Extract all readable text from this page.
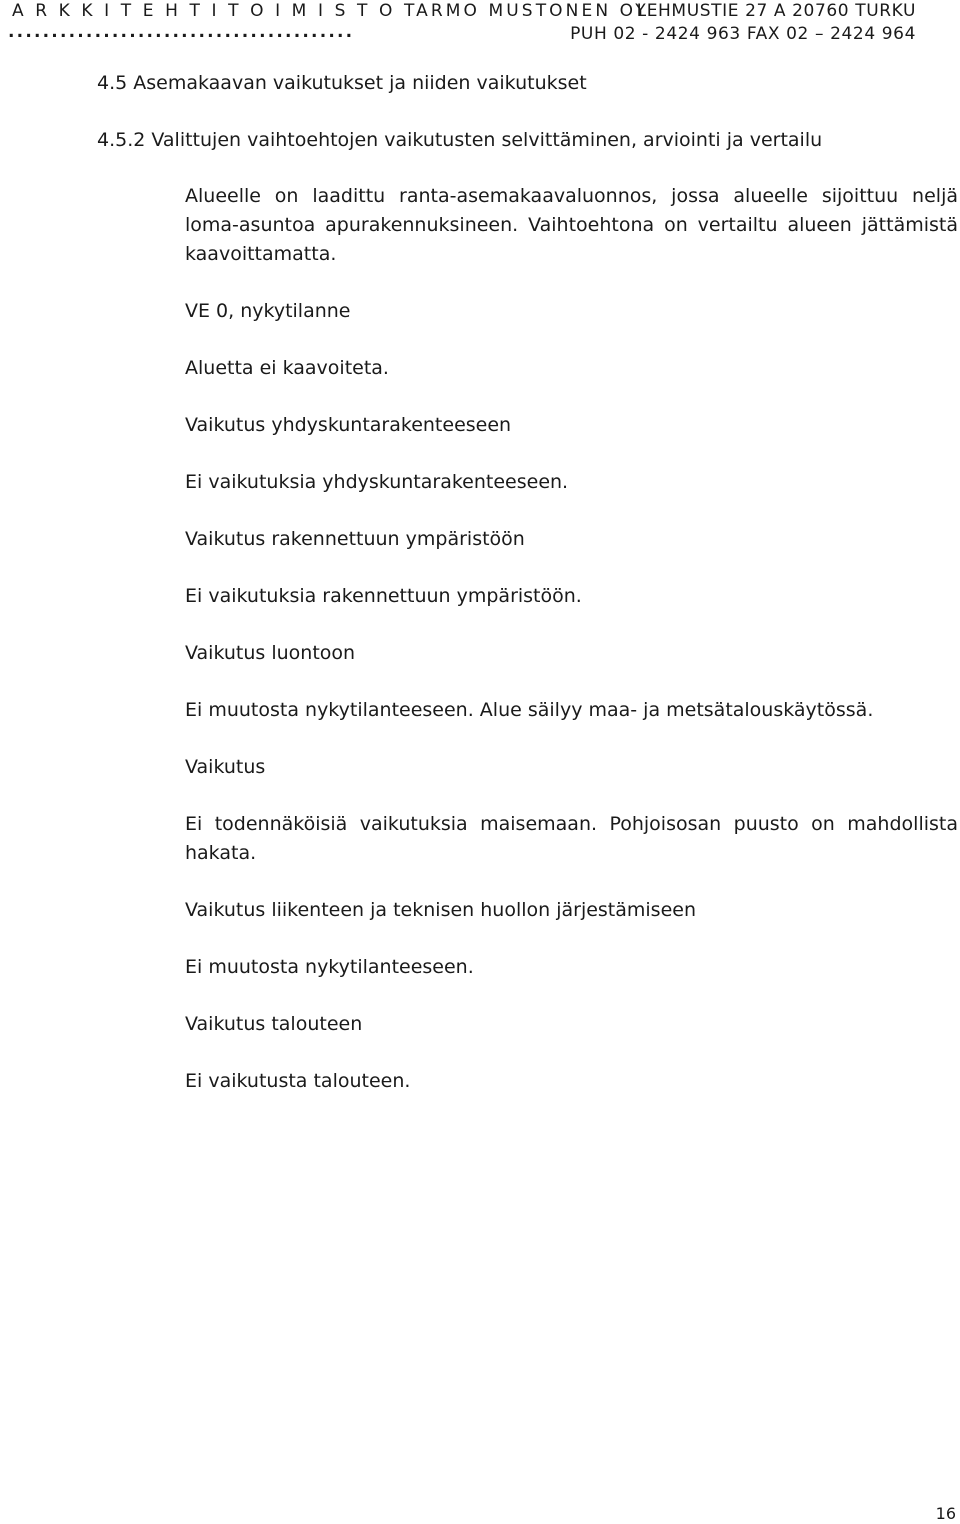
A R K K I T E H T I T O I M I S T O TARMO MUSTONEN OY
LEHMUSTIE 27 A 20760 TURKU
........................................	PUH 02 - 2424 963 FAX 02 – 2424 964
4.5 Asemakaavan vaikutukset ja niiden vaikutukset
4.5.2 Valittujen vaihtoehtojen vaikutusten selvittäminen, arviointi ja vertailu

Alueelle on laadittu ranta-asemakaavaluonnos, jossa alueelle sijoittuu neljä loma-asuntoa apurakennuksineen. Vaihtoehtona on vertailtu alueen jättämistä kaavoittamatta.

VE 0, nykytilanne
Aluetta ei kaavoiteta.
Vaikutus yhdyskuntarakenteeseen
Ei vaikutuksia yhdyskuntarakenteeseen.
Vaikutus rakennettuun ympäristöön
Ei vaikutuksia rakennettuun ympäristöön.
Vaikutus luontoon
Ei muutosta nykytilanteeseen. Alue säilyy maa- ja metsätalouskäytössä.
Vaikutus

Ei todennäköisiä vaikutuksia maisemaan. Pohjoisosan puusto on mahdollista hakata.

Vaikutus liikenteen ja teknisen huollon järjestämiseen
Ei muutosta nykytilanteeseen.
Vaikutus talouteen
Ei vaikutusta talouteen.
16
